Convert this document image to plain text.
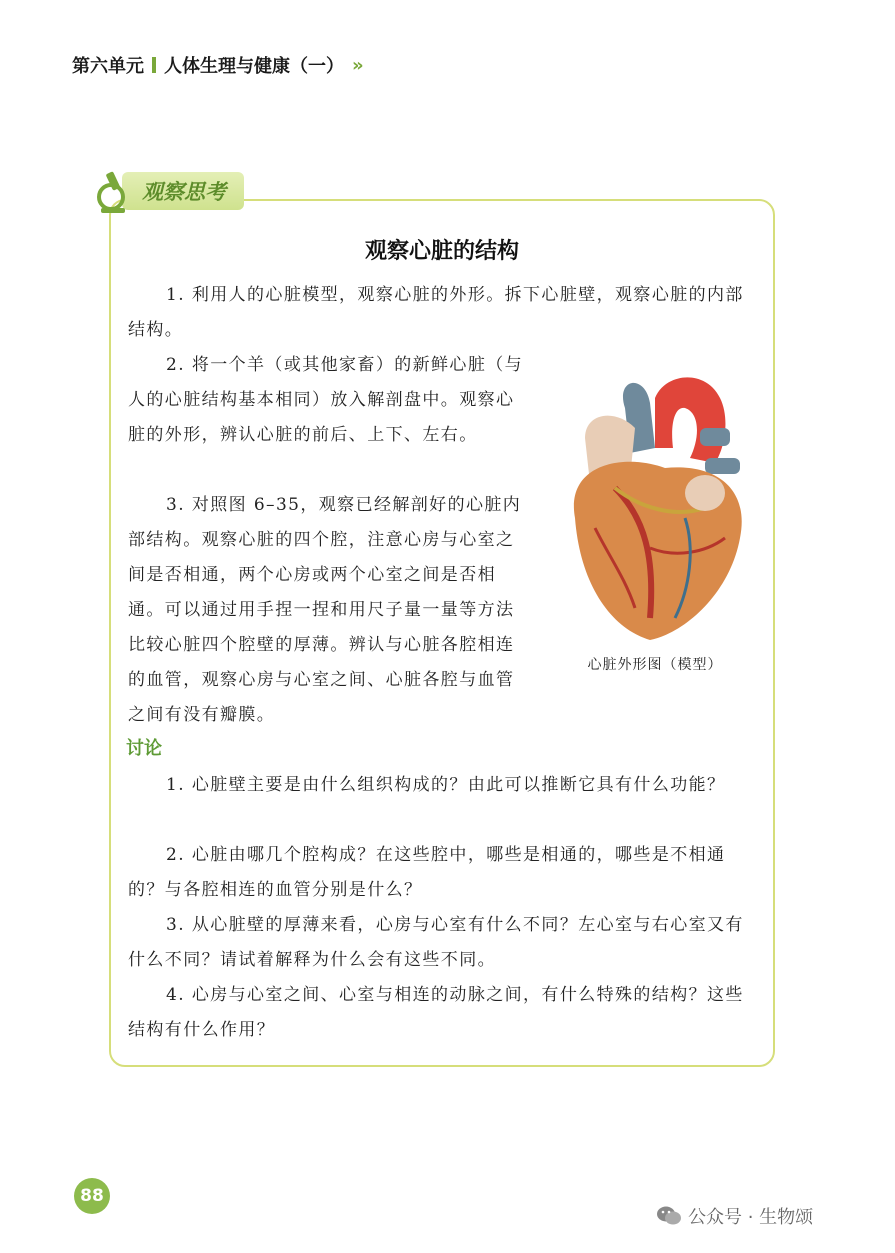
第六单元 人体生理与健康（一） »
观察思考
观察心脏的结构

1. 利用人的心脏模型，观察心脏的外形。拆下心脏壁，观察心脏的内部结构。

2. 将一个羊（或其他家畜）的新鲜心脏（与人的心脏结构基本相同）放入解剖盘中。观察心脏的外形，辨认心脏的前后、上下、左右。

3. 对照图 6–35，观察已经解剖好的心脏内部结构。观察心脏的四个腔，注意心房与心室之间是否相通，两个心房或两个心室之间是否相通。可以通过用手捏一捏和用尺子量一量等方法比较心脏四个腔壁的厚薄。辨认与心脏各腔相连的血管，观察心房与心室之间、心脏各腔与血管之间有没有瓣膜。

心脏外形图（模型）
讨论

1. 心脏壁主要是由什么组织构成的？由此可以推断它具有什么功能？

2. 心脏由哪几个腔构成？在这些腔中，哪些是相通的，哪些是不相通的？与各腔相连的血管分别是什么？

3. 从心脏壁的厚薄来看，心房与心室有什么不同？左心室与右心室又有什么不同？请试着解释为什么会有这些不同。

4. 心房与心室之间、心室与相连的动脉之间，有什么特殊的结构？这些结构有什么作用？

88
公众号 · 生物颂
